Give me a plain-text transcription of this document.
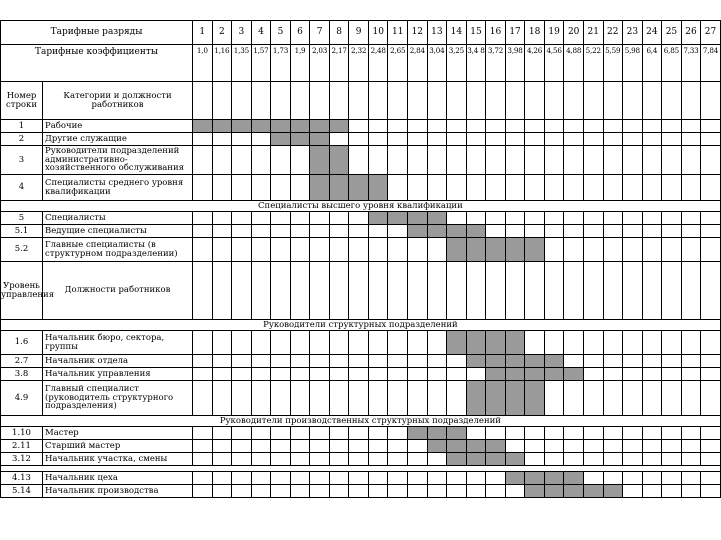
Тарифные разряды		1	2	3	4	5	6	7	8	9	10	11	12	13	14	15	16	17	18	19	20	21	22	23	24	25	26	27
Тарифные коэффициенты		1,0	1,16	1,35	1,57	1,73	1,9	2,03	2,17	2,32	2,48	2,65	2,84	3,04	3,25	3,4 8	3,72	3,98	4,26	4,56	4,88	5,22	5,59	5,98	6,4	6,85	7,33	7,84
Номер строки	Категории и должности работников																											
1	Рабочие																											
2	Другие служащие																											
3	Руководители подразделений административно-хозяйственного обслуживания																											
4	Специалисты среднего уровня квалификации																											
Специалисты высшего уровня квалификации																												
5	Специалисты																											
5.1	Ведущие специалисты																											
5.2	Главные специалисты (в структурном подразделении)																											
Уровень управления	Должности работников																											
Руководители структурных подразделений																												
1.6	Начальник бюро, сектора, группы																											
2.7	Начальник отдела																											
3.8	Начальник управления																											
4.9	Главный специалист (руководитель структурного подразделения)																											
Руководители производственных структурных подразделений																												
1.10	Мастер																											
2.11	Старший мастер																											
3.12	Начальник участка, смены																											

4.13	Начальник цеха																											
5.14	Начальник производства																											
